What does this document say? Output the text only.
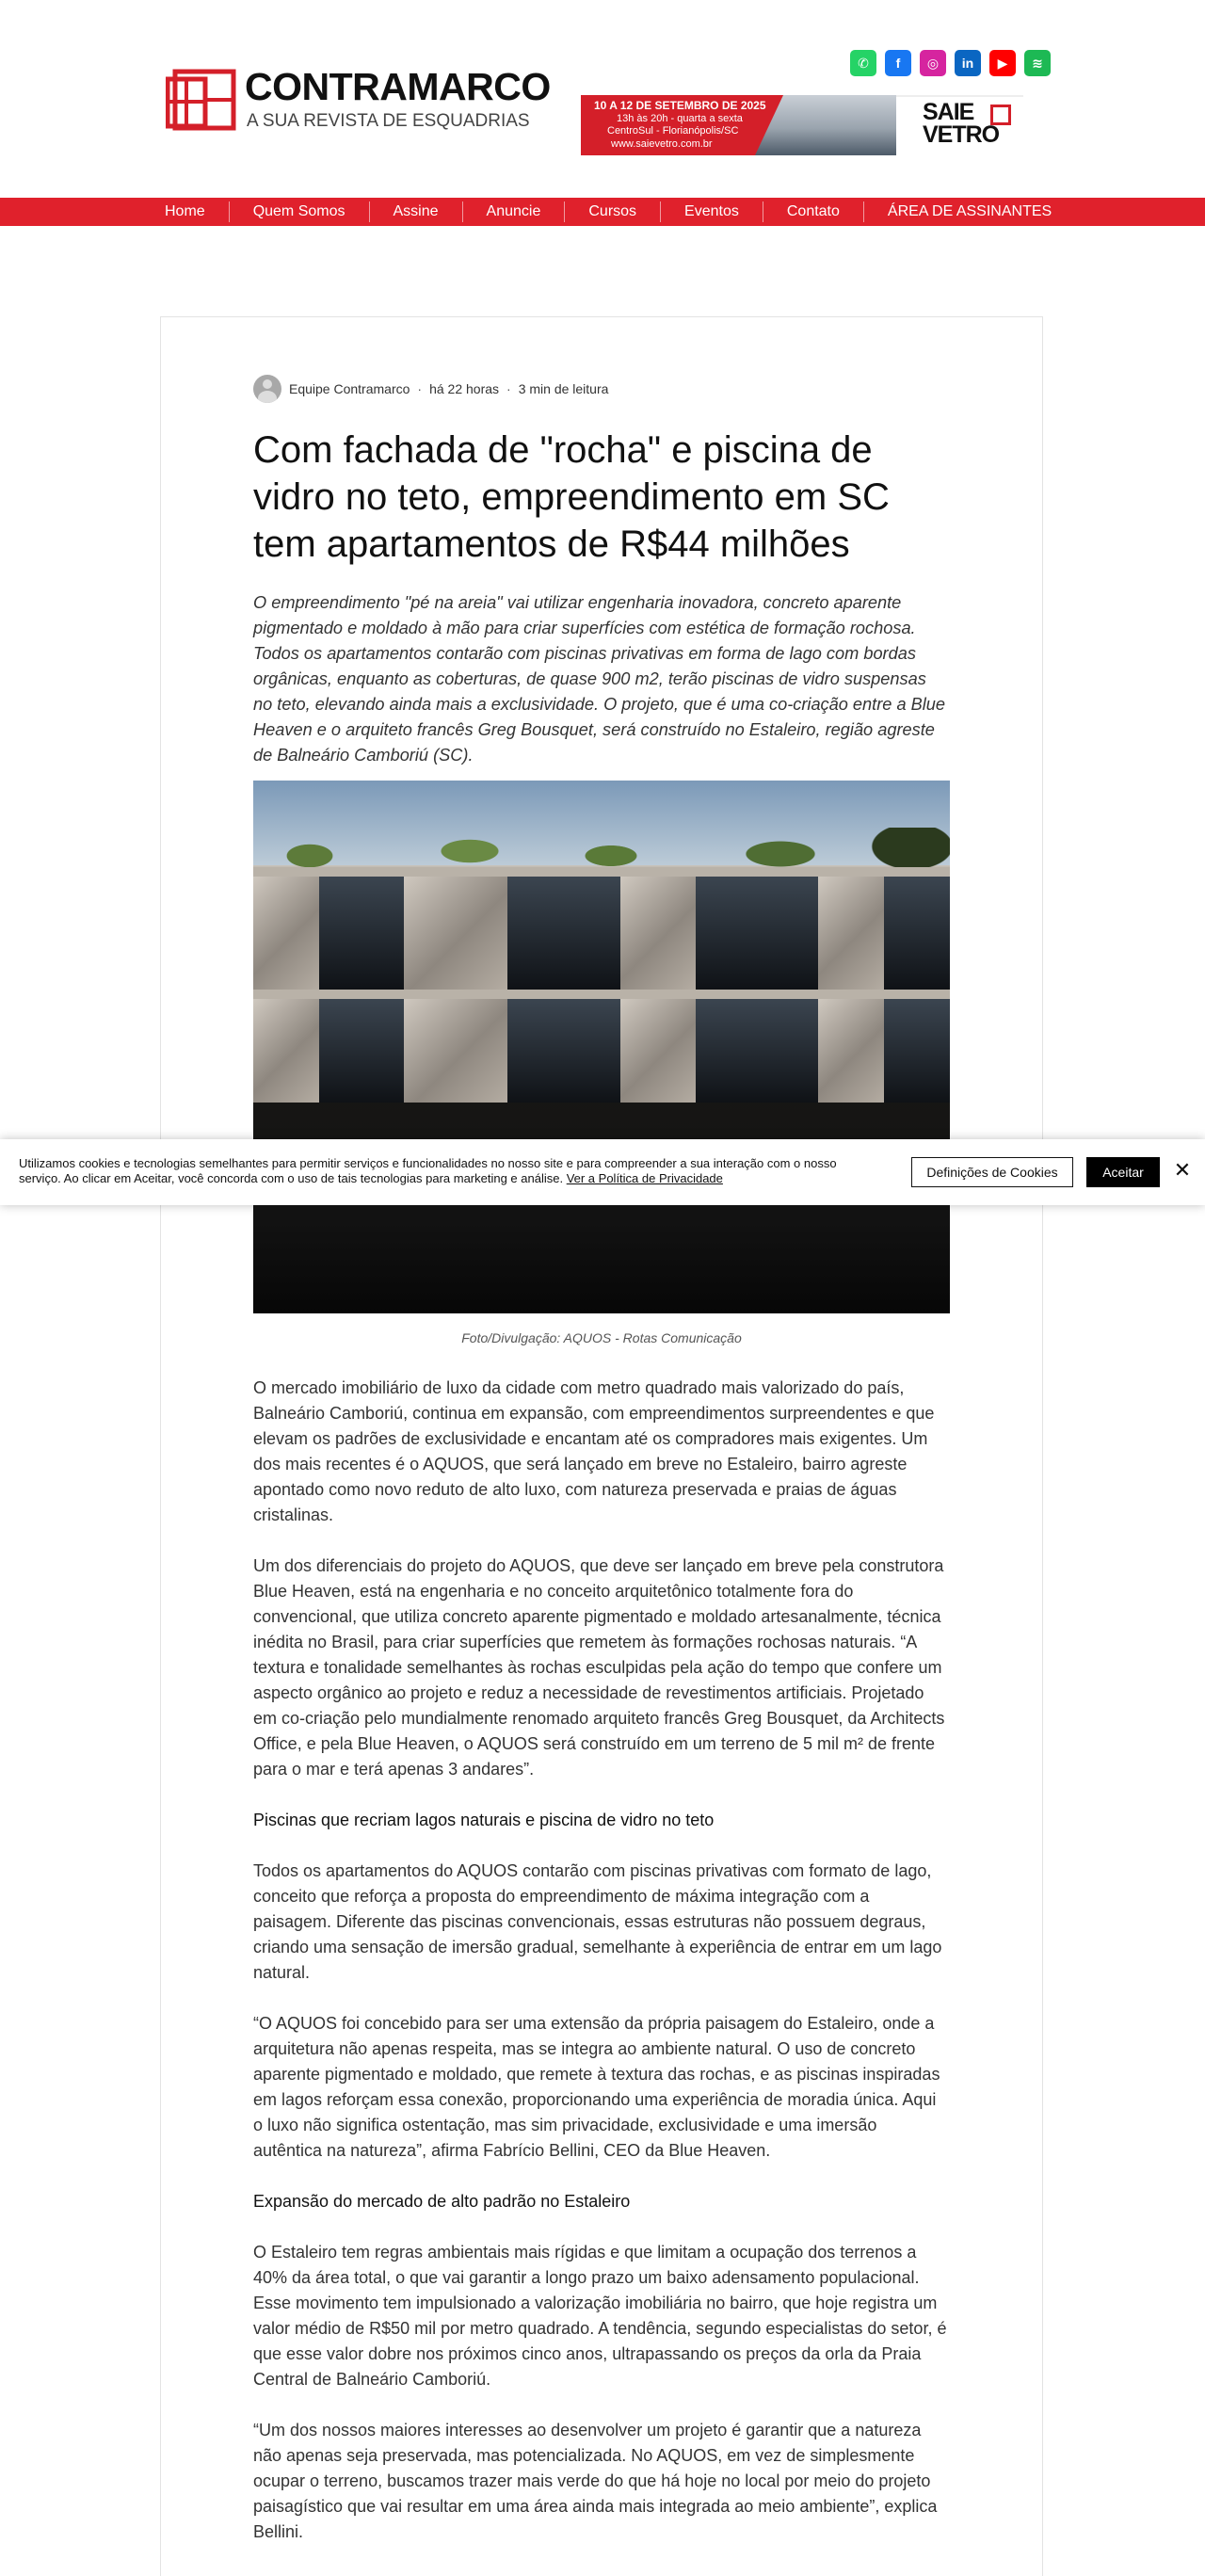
CONTRAMARCO
A SUA REVISTA DE ESQUADRIAS
✆	f	◎	in	▶	≋
10 A 12 DE SETEMBRO DE 2025
13h às 20h - quarta a sexta
CentroSul - Florianópolis/SC
www.saievetro.com.br
SAIE
VETRO
Home	Quem Somos	Assine	Anuncie	Cursos	Eventos	Contato	ÁREA DE ASSINANTES
Equipe Contramarco · há 22 horas · 3 min de leitura
Com fachada de "rocha" e piscina de vidro no teto, empreendimento em SC tem apartamentos de R$44 milhões

O empreendimento "pé na areia" vai utilizar engenharia inovadora, concreto aparente pigmentado e moldado à mão para criar superfícies com estética de formação rochosa. Todos os apartamentos contarão com piscinas privativas em forma de lago com bordas orgânicas, enquanto as coberturas, de quase 900 m2, terão piscinas de vidro suspensas no teto, elevando ainda mais a exclusividade. O projeto, que é uma co-criação entre a Blue Heaven e o arquiteto francês Greg Bousquet, será construído no Estaleiro, região agreste de Balneário Camboriú (SC).

Foto/Divulgação: AQUOS - Rotas Comunicação

O mercado imobiliário de luxo da cidade com metro quadrado mais valorizado do país, Balneário Camboriú, continua em expansão, com empreendimentos surpreendentes e que elevam os padrões de exclusividade e encantam até os compradores mais exigentes. Um dos mais recentes é o AQUOS, que será lançado em breve no Estaleiro, bairro agreste apontado como novo reduto de alto luxo, com natureza preservada e praias de águas cristalinas.

Um dos diferenciais do projeto do AQUOS, que deve ser lançado em breve pela construtora Blue Heaven, está na engenharia e no conceito arquitetônico totalmente fora do convencional, que utiliza concreto aparente pigmentado e moldado artesanalmente, técnica inédita no Brasil, para criar superfícies que remetem às formações rochosas naturais. “A textura e tonalidade semelhantes às rochas esculpidas pela ação do tempo que confere um aspecto orgânico ao projeto e reduz a necessidade de revestimentos artificiais. Projetado em co-criação pelo mundialmente renomado arquiteto francês Greg Bousquet, da Architects Office, e pela Blue Heaven, o AQUOS será construído em um terreno de 5 mil m² de frente para o mar e terá apenas 3 andares”.

Piscinas que recriam lagos naturais e piscina de vidro no teto

Todos os apartamentos do AQUOS contarão com piscinas privativas com formato de lago, conceito que reforça a proposta do empreendimento de máxima integração com a paisagem. Diferente das piscinas convencionais, essas estruturas não possuem degraus, criando uma sensação de imersão gradual, semelhante à experiência de entrar em um lago natural.

“O AQUOS foi concebido para ser uma extensão da própria paisagem do Estaleiro, onde a arquitetura não apenas respeita, mas se integra ao ambiente natural. O uso de concreto aparente pigmentado e moldado, que remete à textura das rochas, e as piscinas inspiradas em lagos reforçam essa conexão, proporcionando uma experiência de moradia única. Aqui o luxo não significa ostentação, mas sim privacidade, exclusividade e uma imersão autêntica na natureza”, afirma Fabrício Bellini, CEO da Blue Heaven.

Expansão do mercado de alto padrão no Estaleiro

O Estaleiro tem regras ambientais mais rígidas e que limitam a ocupação dos terrenos a 40% da área total, o que vai garantir a longo prazo um baixo adensamento populacional. Esse movimento tem impulsionado a valorização imobiliária no bairro, que hoje registra um valor médio de R$50 mil por metro quadrado. A tendência, segundo especialistas do setor, é que esse valor dobre nos próximos cinco anos, ultrapassando os preços da orla da Praia Central de Balneário Camboriú.

“Um dos nossos maiores interesses ao desenvolver um projeto é garantir que a natureza não apenas seja preservada, mas potencializada. No AQUOS, em vez de simplesmente ocupar o terreno, buscamos trazer mais verde do que há hoje no local por meio do projeto paisagístico que vai resultar em uma área ainda mais integrada ao meio ambiente”, explica Bellini.

Utilizamos cookies e tecnologias semelhantes para permitir serviços e funcionalidades no nosso site e para compreender a sua interação com o nosso serviço. Ao clicar em Aceitar, você concorda com o uso de tais tecnologias para marketing e análise. Ver a Política de Privacidade	Definições de Cookies	Aceitar	✕
